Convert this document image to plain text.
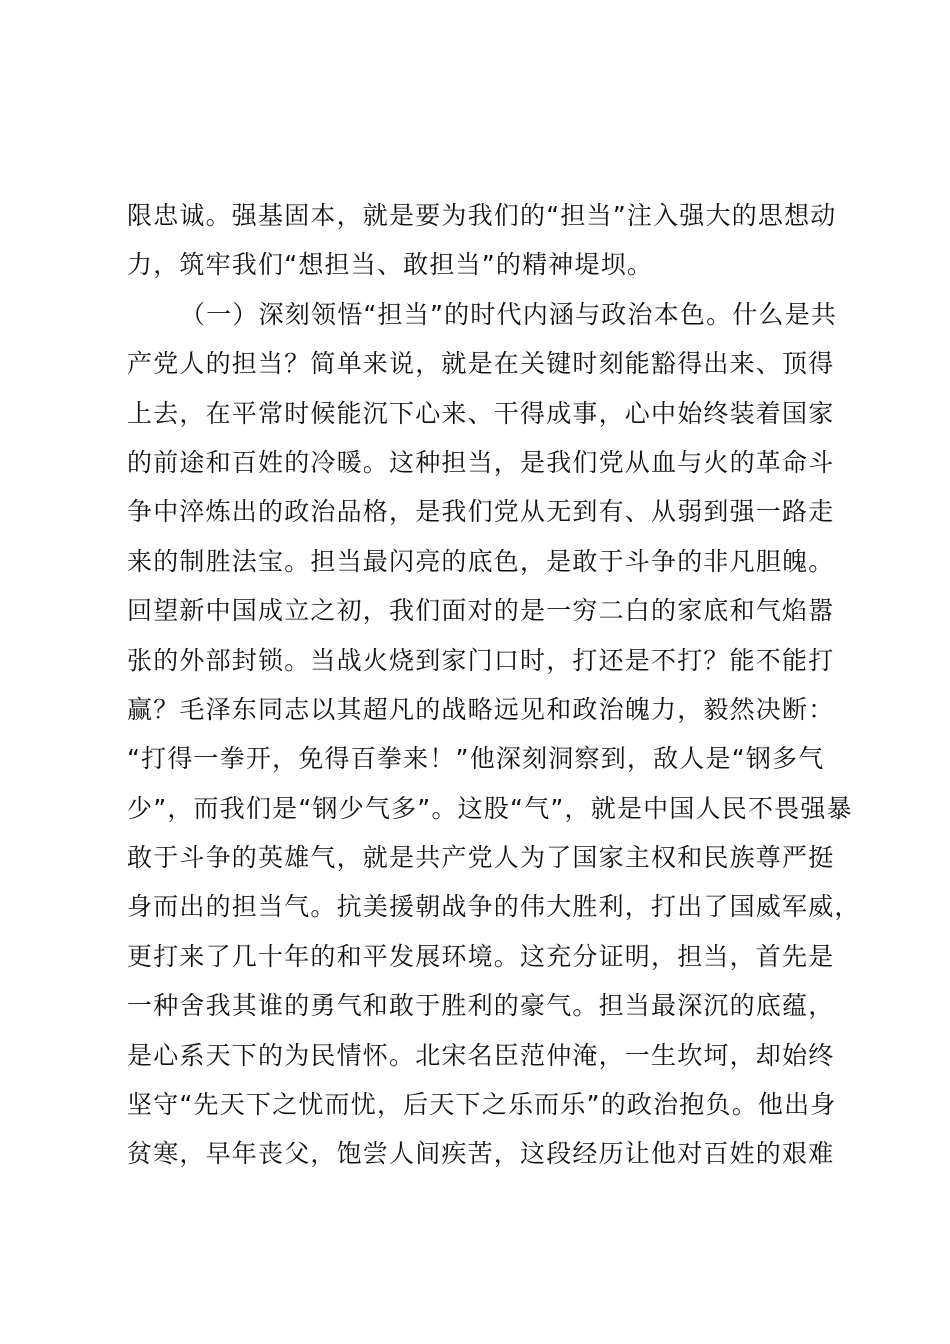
限忠诚。强基固本，就是要为我们的“担当”注入强大的思想动
力，筑牢我们“想担当、敢担当”的精神堤坝。
（一）深刻领悟“担当”的时代内涵与政治本色。什么是共
产党人的担当？简单来说，就是在关键时刻能豁得出来、顶得
上去，在平常时候能沉下心来、干得成事，心中始终装着国家
的前途和百姓的冷暖。这种担当，是我们党从血与火的革命斗
争中淬炼出的政治品格，是我们党从无到有、从弱到强一路走
来的制胜法宝。担当最闪亮的底色，是敢于斗争的非凡胆魄。
回望新中国成立之初，我们面对的是一穷二白的家底和气焰嚣
张的外部封锁。当战火烧到家门口时，打还是不打？能不能打
赢？毛泽东同志以其超凡的战略远见和政治魄力，毅然决断：
“打得一拳开，免得百拳来！”他深刻洞察到，敌人是“钢多气
少”，而我们是“钢少气多”。这股“气”，就是中国人民不畏强暴
敢于斗争的英雄气，就是共产党人为了国家主权和民族尊严挺
身而出的担当气。抗美援朝战争的伟大胜利，打出了国威军威，
更打来了几十年的和平发展环境。这充分证明，担当，首先是
一种舍我其谁的勇气和敢于胜利的豪气。担当最深沉的底蕴，
是心系天下的为民情怀。北宋名臣范仲淹，一生坎坷，却始终
坚守“先天下之忧而忧，后天下之乐而乐”的政治抱负。他出身
贫寒，早年丧父，饱尝人间疾苦，这段经历让他对百姓的艰难
